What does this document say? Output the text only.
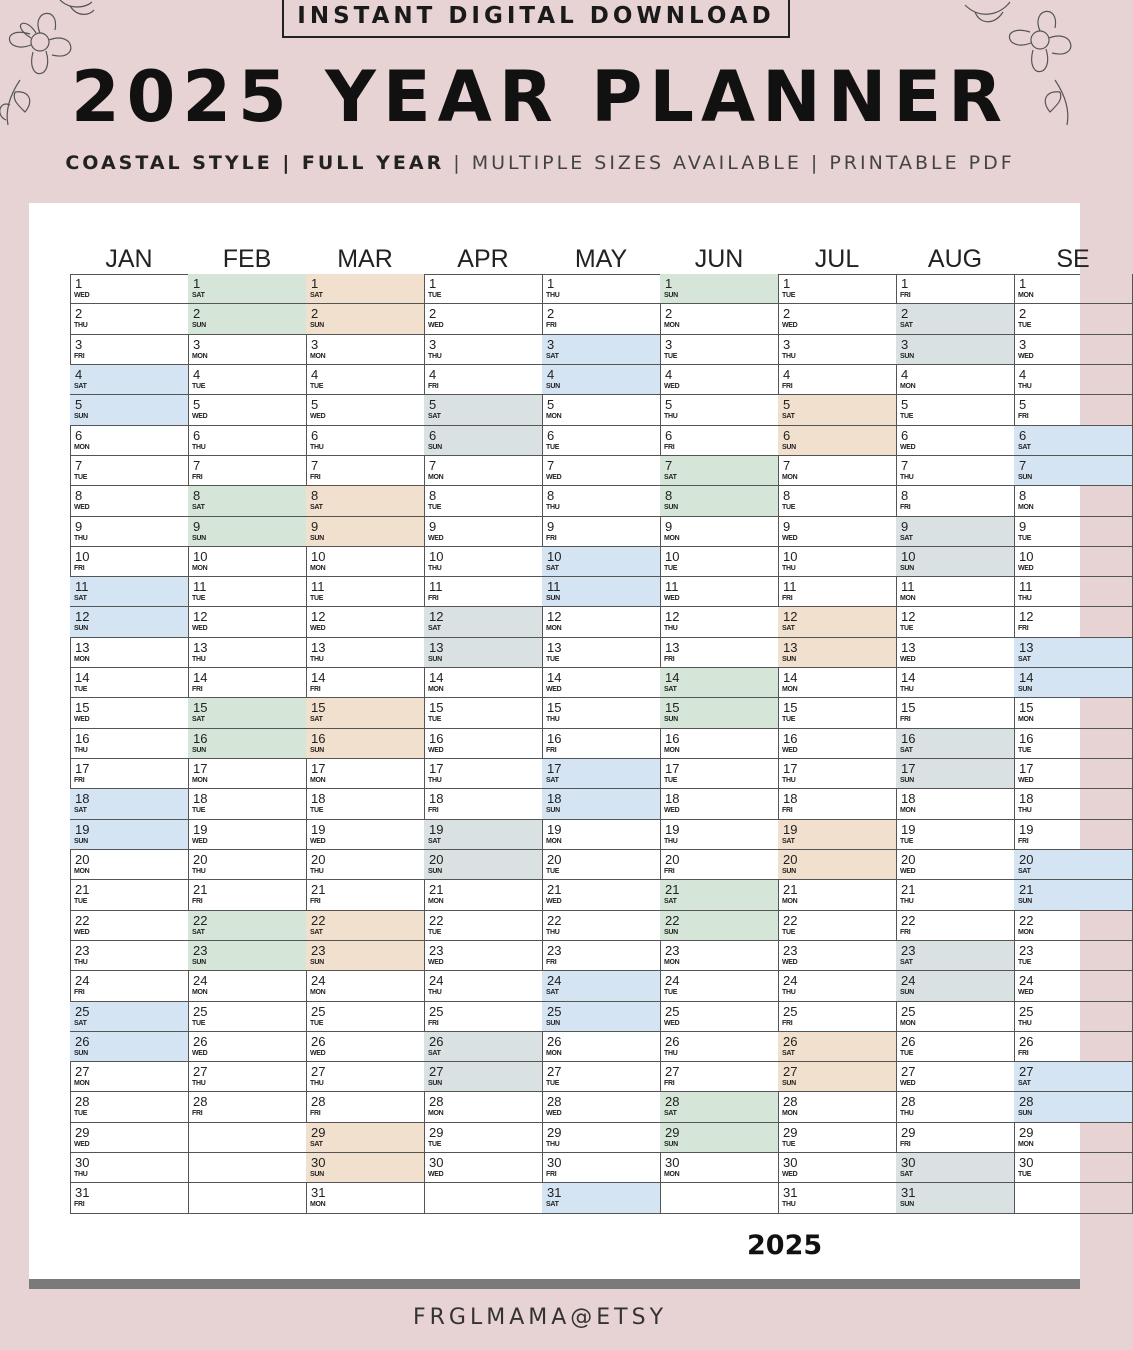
INSTANT DIGITAL DOWNLOAD
2025 YEAR PLANNER
COASTAL STYLE | FULL YEAR | MULTIPLE SIZES AVAILABLE | PRINTABLE PDF
JAN
1
WED
2
THU
3
FRI
4
SAT
5
SUN
6
MON
7
TUE
8
WED
9
THU
10
FRI
11
SAT
12
SUN
13
MON
14
TUE
15
WED
16
THU
17
FRI
18
SAT
19
SUN
20
MON
21
TUE
22
WED
23
THU
24
FRI
25
SAT
26
SUN
27
MON
28
TUE
29
WED
30
THU
31
FRI
FEB
1
SAT
2
SUN
3
MON
4
TUE
5
WED
6
THU
7
FRI
8
SAT
9
SUN
10
MON
11
TUE
12
WED
13
THU
14
FRI
15
SAT
16
SUN
17
MON
18
TUE
19
WED
20
THU
21
FRI
22
SAT
23
SUN
24
MON
25
TUE
26
WED
27
THU
28
FRI
MAR
1
SAT
2
SUN
3
MON
4
TUE
5
WED
6
THU
7
FRI
8
SAT
9
SUN
10
MON
11
TUE
12
WED
13
THU
14
FRI
15
SAT
16
SUN
17
MON
18
TUE
19
WED
20
THU
21
FRI
22
SAT
23
SUN
24
MON
25
TUE
26
WED
27
THU
28
FRI
29
SAT
30
SUN
31
MON
APR
1
TUE
2
WED
3
THU
4
FRI
5
SAT
6
SUN
7
MON
8
TUE
9
WED
10
THU
11
FRI
12
SAT
13
SUN
14
MON
15
TUE
16
WED
17
THU
18
FRI
19
SAT
20
SUN
21
MON
22
TUE
23
WED
24
THU
25
FRI
26
SAT
27
SUN
28
MON
29
TUE
30
WED
MAY
1
THU
2
FRI
3
SAT
4
SUN
5
MON
6
TUE
7
WED
8
THU
9
FRI
10
SAT
11
SUN
12
MON
13
TUE
14
WED
15
THU
16
FRI
17
SAT
18
SUN
19
MON
20
TUE
21
WED
22
THU
23
FRI
24
SAT
25
SUN
26
MON
27
TUE
28
WED
29
THU
30
FRI
31
SAT
JUN
1
SUN
2
MON
3
TUE
4
WED
5
THU
6
FRI
7
SAT
8
SUN
9
MON
10
TUE
11
WED
12
THU
13
FRI
14
SAT
15
SUN
16
MON
17
TUE
18
WED
19
THU
20
FRI
21
SAT
22
SUN
23
MON
24
TUE
25
WED
26
THU
27
FRI
28
SAT
29
SUN
30
MON
JUL
1
TUE
2
WED
3
THU
4
FRI
5
SAT
6
SUN
7
MON
8
TUE
9
WED
10
THU
11
FRI
12
SAT
13
SUN
14
MON
15
TUE
16
WED
17
THU
18
FRI
19
SAT
20
SUN
21
MON
22
TUE
23
WED
24
THU
25
FRI
26
SAT
27
SUN
28
MON
29
TUE
30
WED
31
THU
AUG
1
FRI
2
SAT
3
SUN
4
MON
5
TUE
6
WED
7
THU
8
FRI
9
SAT
10
SUN
11
MON
12
TUE
13
WED
14
THU
15
FRI
16
SAT
17
SUN
18
MON
19
TUE
20
WED
21
THU
22
FRI
23
SAT
24
SUN
25
MON
26
TUE
27
WED
28
THU
29
FRI
30
SAT
31
SUN
SE
1
MON
2
TUE
3
WED
4
THU
5
FRI
6
SAT
7
SUN
8
MON
9
TUE
10
WED
11
THU
12
FRI
13
SAT
14
SUN
15
MON
16
TUE
17
WED
18
THU
19
FRI
20
SAT
21
SUN
22
MON
23
TUE
24
WED
25
THU
26
FRI
27
SAT
28
SUN
29
MON
30
TUE
2025
FRGLMAMA@ETSY
